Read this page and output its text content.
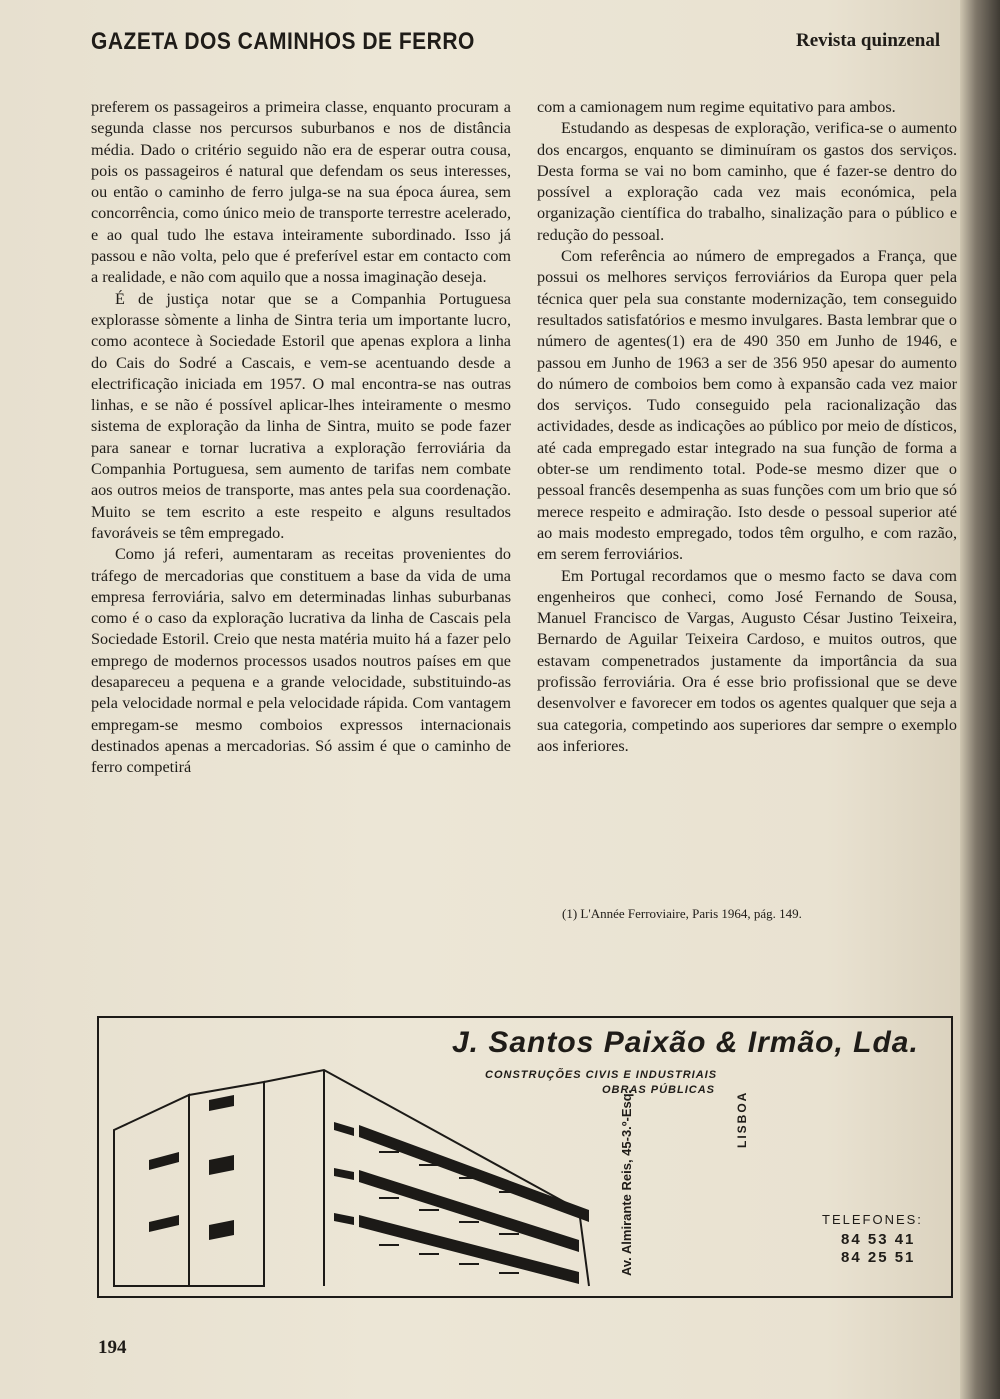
GAZETA DOS CAMINHOS DE FERRO	Revista quinzenal

preferem os passageiros a primeira classe, enquanto procuram a segunda classe nos percursos suburbanos e nos de distância média. Dado o critério seguido não era de esperar outra cousa, pois os passageiros é natural que defendam os seus interesses, ou então o caminho de ferro julga-se na sua época áurea, sem concorrência, como único meio de transporte terrestre acelerado, e ao qual tudo lhe estava inteiramente subordinado. Isso já passou e não volta, pelo que é preferível estar em contacto com a realidade, e não com aquilo que a nossa imaginação deseja.

É de justiça notar que se a Companhia Portuguesa explorasse sòmente a linha de Sintra teria um importante lucro, como acontece à Sociedade Estoril que apenas explora a linha do Cais do Sodré a Cascais, e vem-se acentuando desde a electrificação iniciada em 1957. O mal encontra-se nas outras linhas, e se não é possível aplicar-lhes inteiramente o mesmo sistema de exploração da linha de Sintra, muito se pode fazer para sanear e tornar lucrativa a exploração ferroviária da Companhia Portuguesa, sem aumento de tarifas nem combate aos outros meios de transporte, mas antes pela sua coordenação. Muito se tem escrito a este respeito e alguns resultados favoráveis se têm empregado.

Como já referi, aumentaram as receitas provenientes do tráfego de mercadorias que constituem a base da vida de uma empresa ferroviária, salvo em determinadas linhas suburbanas como é o caso da exploração lucrativa da linha de Cascais pela Sociedade Estoril. Creio que nesta matéria muito há a fazer pelo emprego de modernos processos usados noutros países em que desapareceu a pequena e a grande velocidade, substituindo-as pela velocidade normal e pela velocidade rápida. Com vantagem empregam-se mesmo comboios expressos internacionais destinados apenas a mercadorias. Só assim é que o caminho de ferro competirá

com a camionagem num regime equitativo para ambos.

Estudando as despesas de exploração, verifica-se o aumento dos encargos, enquanto se diminuíram os gastos dos serviços. Desta forma se vai no bom caminho, que é fazer-se dentro do possível a exploração cada vez mais económica, pela organização científica do trabalho, sinalização para o público e redução do pessoal.

Com referência ao número de empregados a França, que possui os melhores serviços ferroviários da Europa quer pela técnica quer pela sua constante modernização, tem conseguido resultados satisfatórios e mesmo invulgares. Basta lembrar que o número de agentes(1) era de 490 350 em Junho de 1946, e passou em Junho de 1963 a ser de 356 950 apesar do aumento do número de comboios bem como à expansão cada vez maior dos serviços. Tudo conseguido pela racionalização das actividades, desde as indicações ao público por meio de dísticos, até cada empregado estar integrado na sua função de forma a obter-se um rendimento total. Pode-se mesmo dizer que o pessoal francês desempenha as suas funções com um brio que só merece respeito e admiração. Isto desde o pessoal superior até ao mais modesto empregado, todos têm orgulho, e com razão, em serem ferroviários.

Em Portugal recordamos que o mesmo facto se dava com engenheiros que conheci, como José Fernando de Sousa, Manuel Francisco de Vargas, Augusto César Justino Teixeira, Bernardo de Aguilar Teixeira Cardoso, e muitos outros, que estavam compenetrados justamente da importância da sua profissão ferroviária. Ora é esse brio profissional que se deve desenvolver e favorecer em todos os agentes qualquer que seja a sua categoria, competindo aos superiores dar sempre o exemplo aos inferiores.

(1) L'Année Ferroviaire, Paris 1964, pág. 149.
J. Santos Paixão & Irmão, Lda.
CONSTRUÇÕES CIVIS E INDUSTRIAIS
OBRAS PÚBLICAS
Av. Almirante Reis, 45-3.º-Esq.	LISBOA
TELEFONES:
84 53 41
84 25 51
194
